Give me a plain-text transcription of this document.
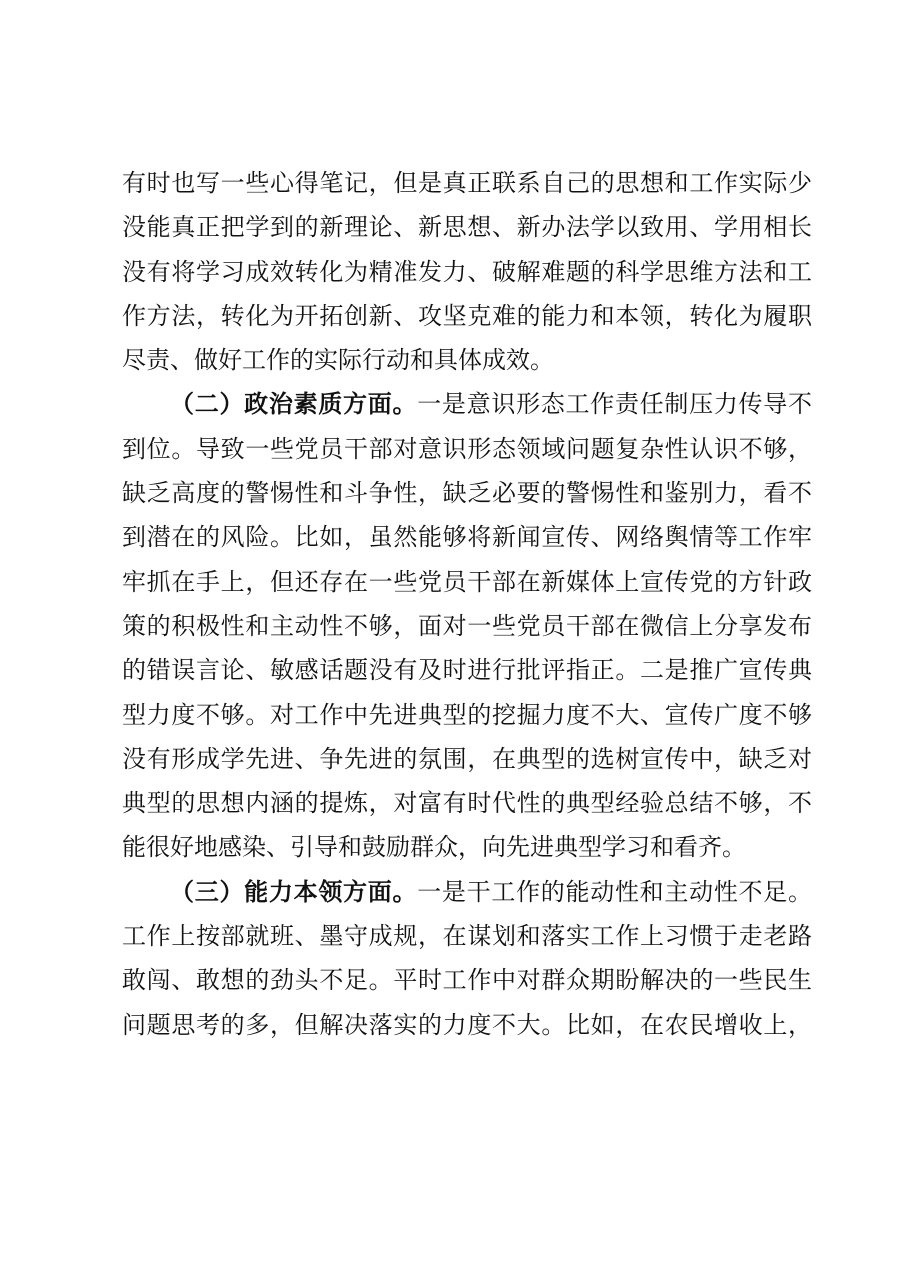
有时也写一些心得笔记，但是真正联系自己的思想和工作实际少
没能真正把学到的新理论、新思想、新办法学以致用、学用相长
没有将学习成效转化为精准发力、破解难题的科学思维方法和工
作方法，转化为开拓创新、攻坚克难的能力和本领，转化为履职
尽责、做好工作的实际行动和具体成效。
（二）政治素质方面。一是意识形态工作责任制压力传导不
到位。导致一些党员干部对意识形态领域问题复杂性认识不够，
缺乏高度的警惕性和斗争性，缺乏必要的警惕性和鉴别力，看不
到潜在的风险。比如，虽然能够将新闻宣传、网络舆情等工作牢
牢抓在手上，但还存在一些党员干部在新媒体上宣传党的方针政
策的积极性和主动性不够，面对一些党员干部在微信上分享发布
的错误言论、敏感话题没有及时进行批评指正。二是推广宣传典
型力度不够。对工作中先进典型的挖掘力度不大、宣传广度不够
没有形成学先进、争先进的氛围，在典型的选树宣传中，缺乏对
典型的思想内涵的提炼，对富有时代性的典型经验总结不够，不
能很好地感染、引导和鼓励群众，向先进典型学习和看齐。
（三）能力本领方面。一是干工作的能动性和主动性不足。
工作上按部就班、墨守成规，在谋划和落实工作上习惯于走老路
敢闯、敢想的劲头不足。平时工作中对群众期盼解决的一些民生
问题思考的多，但解决落实的力度不大。比如，在农民增收上，
